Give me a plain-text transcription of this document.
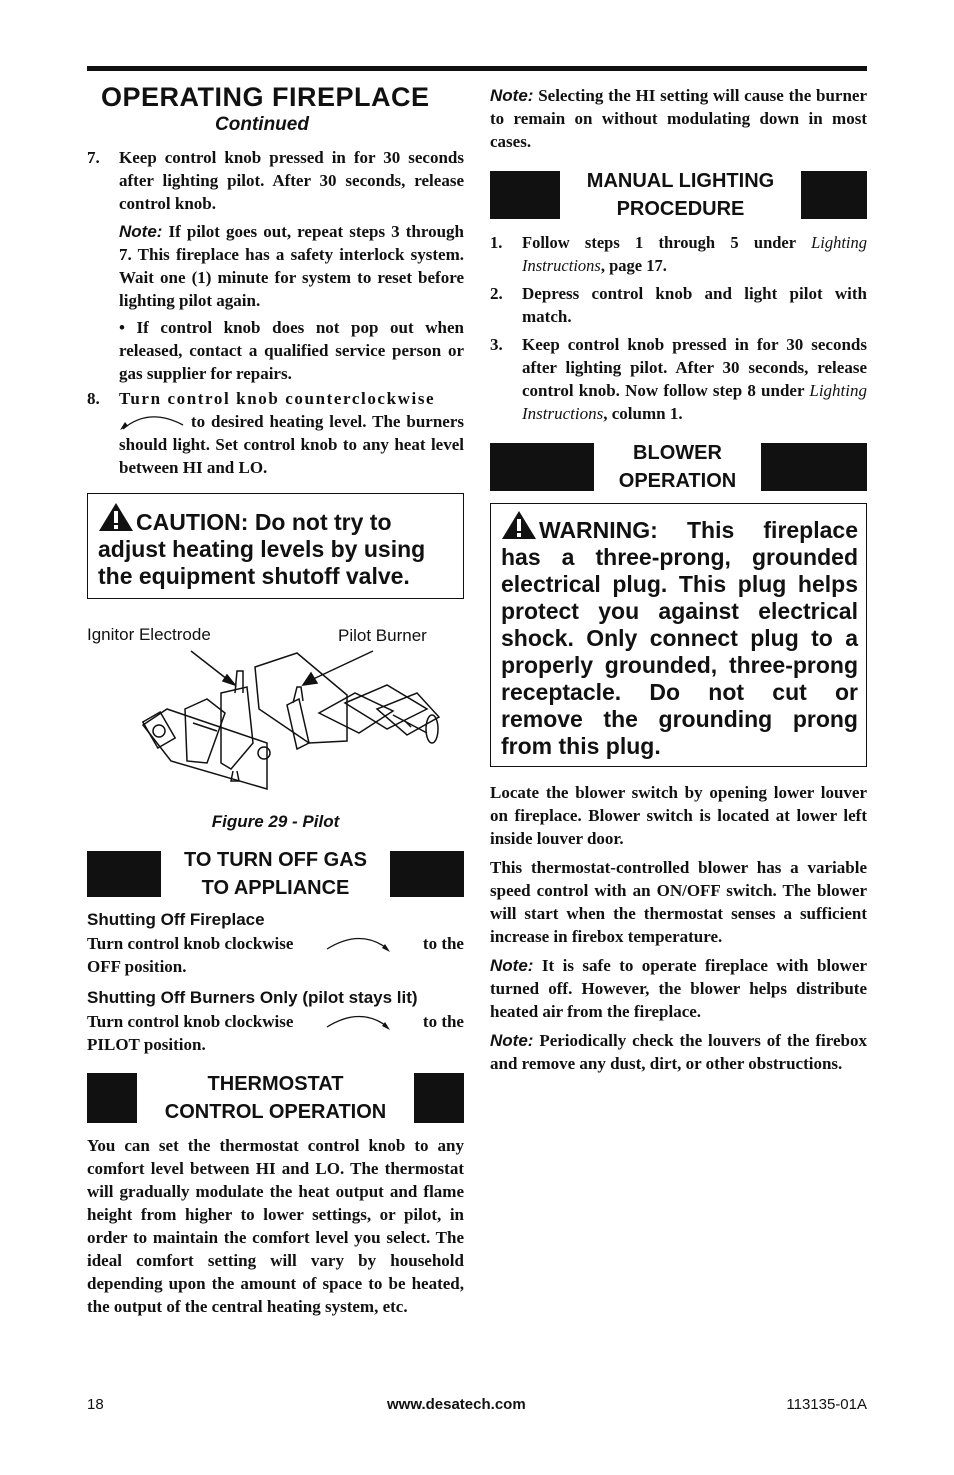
OPERATING FIREPLACE
Continued
7.	Keep control knob pressed in for 30 seconds after lighting pilot. After 30 seconds, release control knob.

Note: If pilot goes out, repeat steps 3 through 7. This fireplace has a safety interlock system. Wait one (1) minute for system to reset before lighting pilot again.

• If control knob does not pop out when released, contact a qualified service person or gas supplier for repairs.

8.	Turn control knob counterclockwise
to desired heating level. The burners should light. Set control knob to any heat level between HI and LO.
CAUTION: Do not try to adjust heating levels by using the equipment shutoff valve.
Ignitor Electrode	Pilot Burner
Figure 29 - Pilot
TO TURN OFF GAS
TO APPLIANCE
Shutting Off Fireplace
Turn control knob clockwise	to the
OFF position.
Shutting Off Burners Only (pilot stays lit)
Turn control knob clockwise	to the
PILOT position.
THERMOSTAT
CONTROL OPERATION

You can set the thermostat control knob to any comfort level between HI and LO. The thermostat will gradually modulate the heat output and flame height from higher to lower settings, or pilot, in order to maintain the comfort level you select. The ideal comfort setting will vary by household depending upon the amount of space to be heated, the output of the central heating system, etc.

Note: Selecting the HI setting will cause the burner to remain on without modulating down in most cases.

MANUAL LIGHTING
PROCEDURE
1.	Follow steps 1 through 5 under Lighting Instructions, page 17.
2.	Depress control knob and light pilot with match.
3.	Keep control knob pressed in for 30 seconds after lighting pilot. After 30 seconds, release control knob. Now follow step 8 under Lighting Instructions, column 1.
BLOWER
OPERATION
WARNING: This fireplace has a three-prong, grounded electrical plug. This plug helps protect you against electrical shock. Only connect plug to a properly grounded, three-prong receptacle. Do not cut or remove the grounding prong from this plug.

Locate the blower switch by opening lower louver on fireplace. Blower switch is located at lower left inside louver door.

This thermostat-controlled blower has a variable speed control with an ON/OFF switch. The blower will start when the thermostat senses a sufficient increase in firebox temperature.

Note: It is safe to operate fireplace with blower turned off. However, the blower helps distribute heated air from the fireplace.

Note: Periodically check the louvers of the firebox and remove any dust, dirt, or other obstructions.

18	www.desatech.com	113135-01A
